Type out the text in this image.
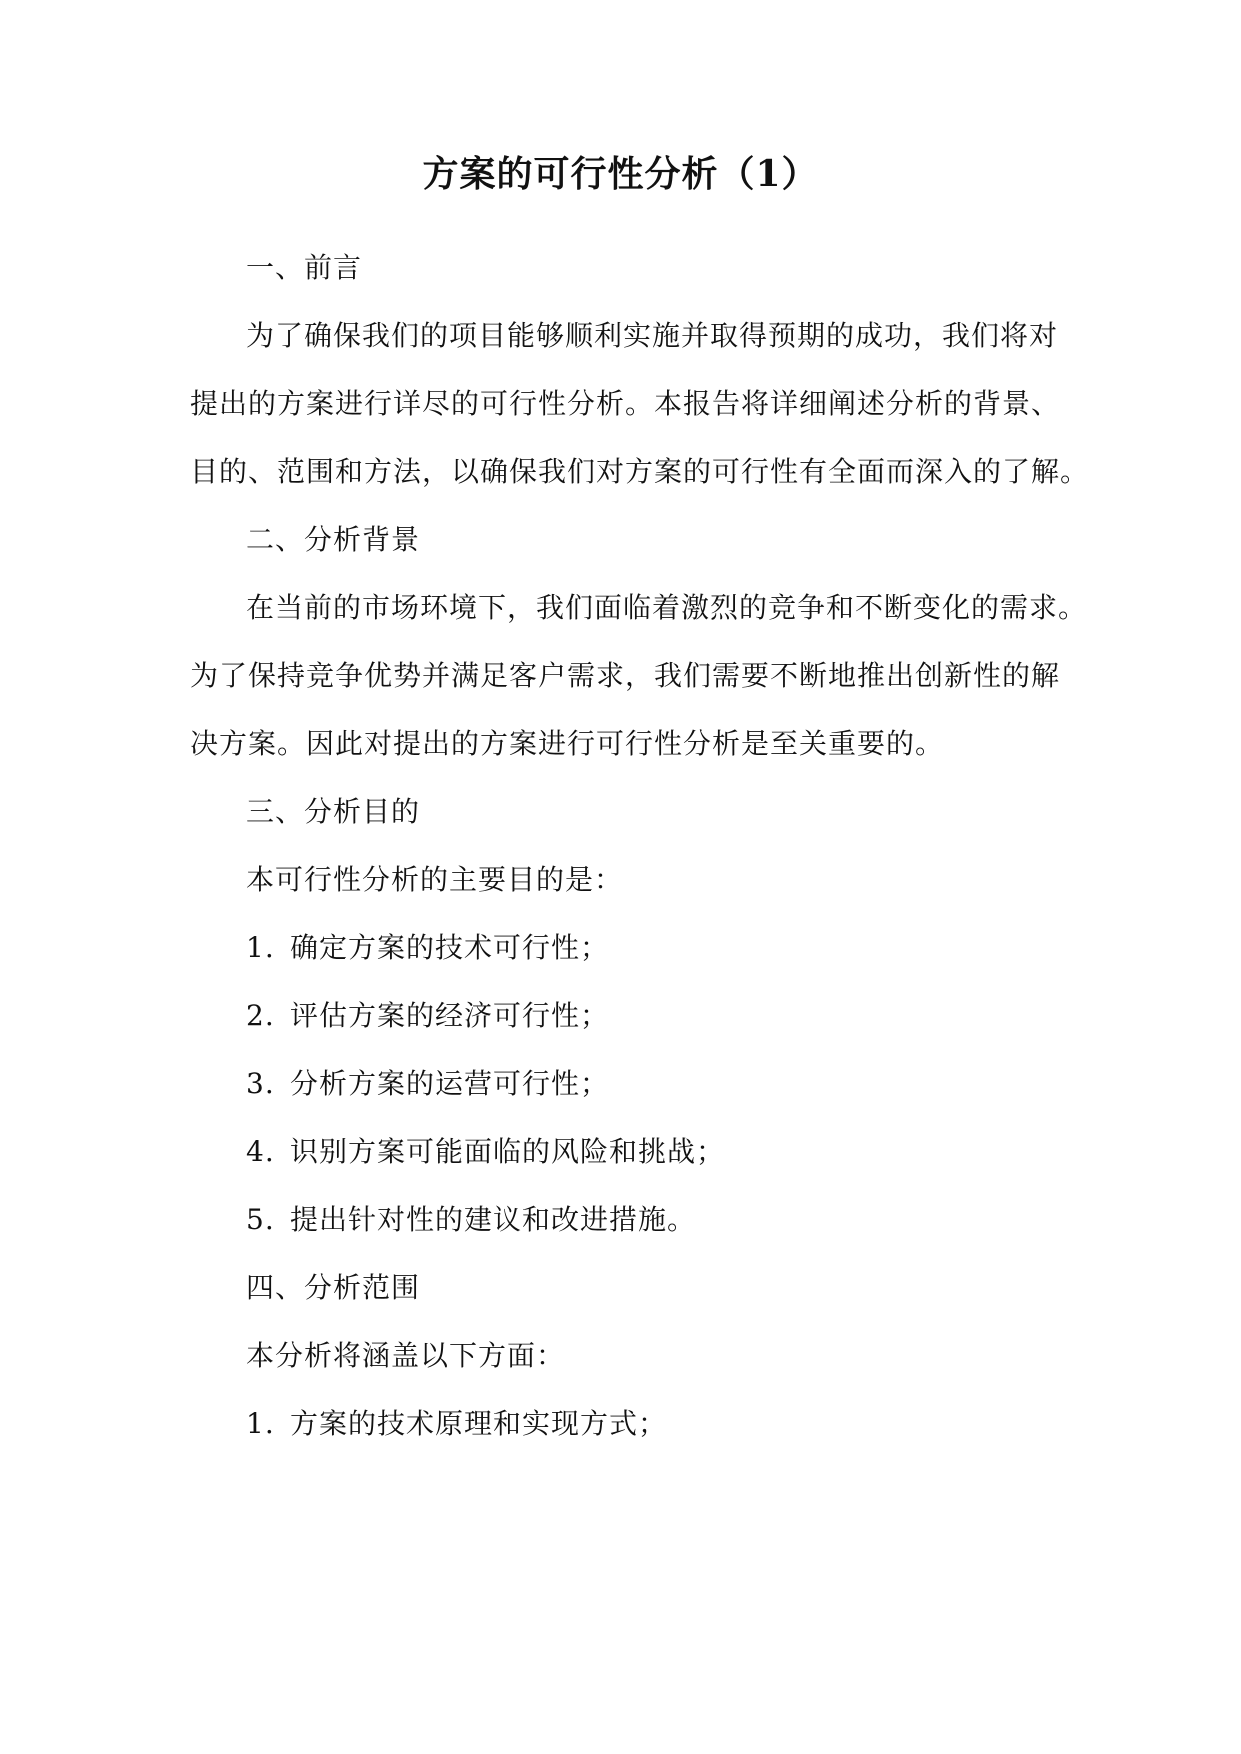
方案的可行性分析（1）
一、前言
为了确保我们的项目能够顺利实施并取得预期的成功，我们将对
提出的方案进行详尽的可行性分析。本报告将详细阐述分析的背景、
目的、范围和方法，以确保我们对方案的可行性有全面而深入的了解。
二、分析背景
在当前的市场环境下，我们面临着激烈的竞争和不断变化的需求。
为了保持竞争优势并满足客户需求，我们需要不断地推出创新性的解
决方案。因此对提出的方案进行可行性分析是至关重要的。
三、分析目的
本可行性分析的主要目的是：
1. 确定方案的技术可行性；
2. 评估方案的经济可行性；
3. 分析方案的运营可行性；
4. 识别方案可能面临的风险和挑战；
5. 提出针对性的建议和改进措施。
四、分析范围
本分析将涵盖以下方面：
1. 方案的技术原理和实现方式；
